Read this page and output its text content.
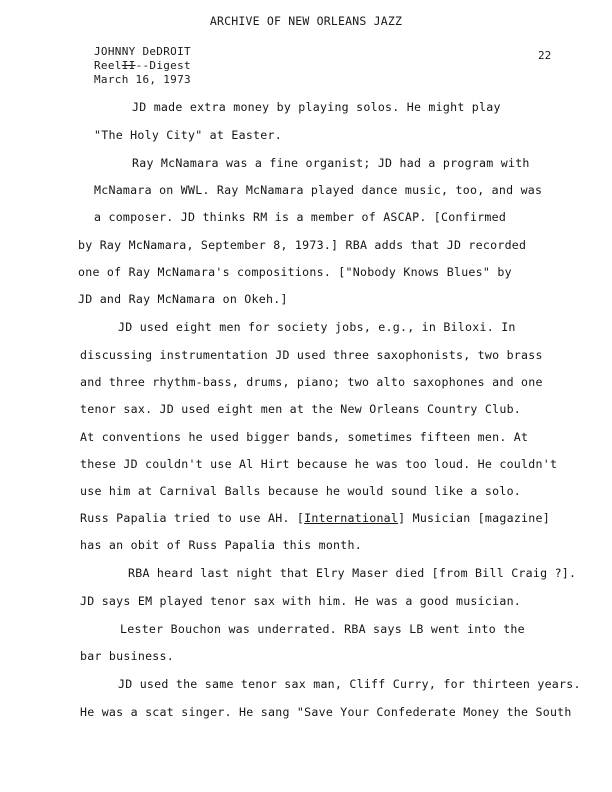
ARCHIVE OF NEW ORLEANS JAZZ
JOHNNY DeDROIT
ReelII--Digest
March 16, 1973
22
JD made extra money by playing solos. He might play
"The Holy City" at Easter.
Ray McNamara was a fine organist; JD had a program with
McNamara on WWL. Ray McNamara played dance music, too, and was
a composer. JD thinks RM is a member of ASCAP. [Confirmed
by Ray McNamara, September 8, 1973.] RBA adds that JD recorded
one of Ray McNamara's compositions. ["Nobody Knows Blues" by
JD and Ray McNamara on Okeh.]
JD used eight men for society jobs, e.g., in Biloxi. In
discussing instrumentation JD used three saxophonists, two brass
and three rhythm-bass, drums, piano; two alto saxophones and one
tenor sax. JD used eight men at the New Orleans Country Club.
At conventions he used bigger bands, sometimes fifteen men. At
these JD couldn't use Al Hirt because he was too loud. He couldn't
use him at Carnival Balls because he would sound like a solo.
Russ Papalia tried to use AH. [International] Musician [magazine]
has an obit of Russ Papalia this month.
RBA heard last night that Elry Maser died [from Bill Craig ?].
JD says EM played tenor sax with him. He was a good musician.
Lester Bouchon was underrated. RBA says LB went into the
bar business.
JD used the same tenor sax man, Cliff Curry, for thirteen years.
He was a scat singer. He sang "Save Your Confederate Money the South
